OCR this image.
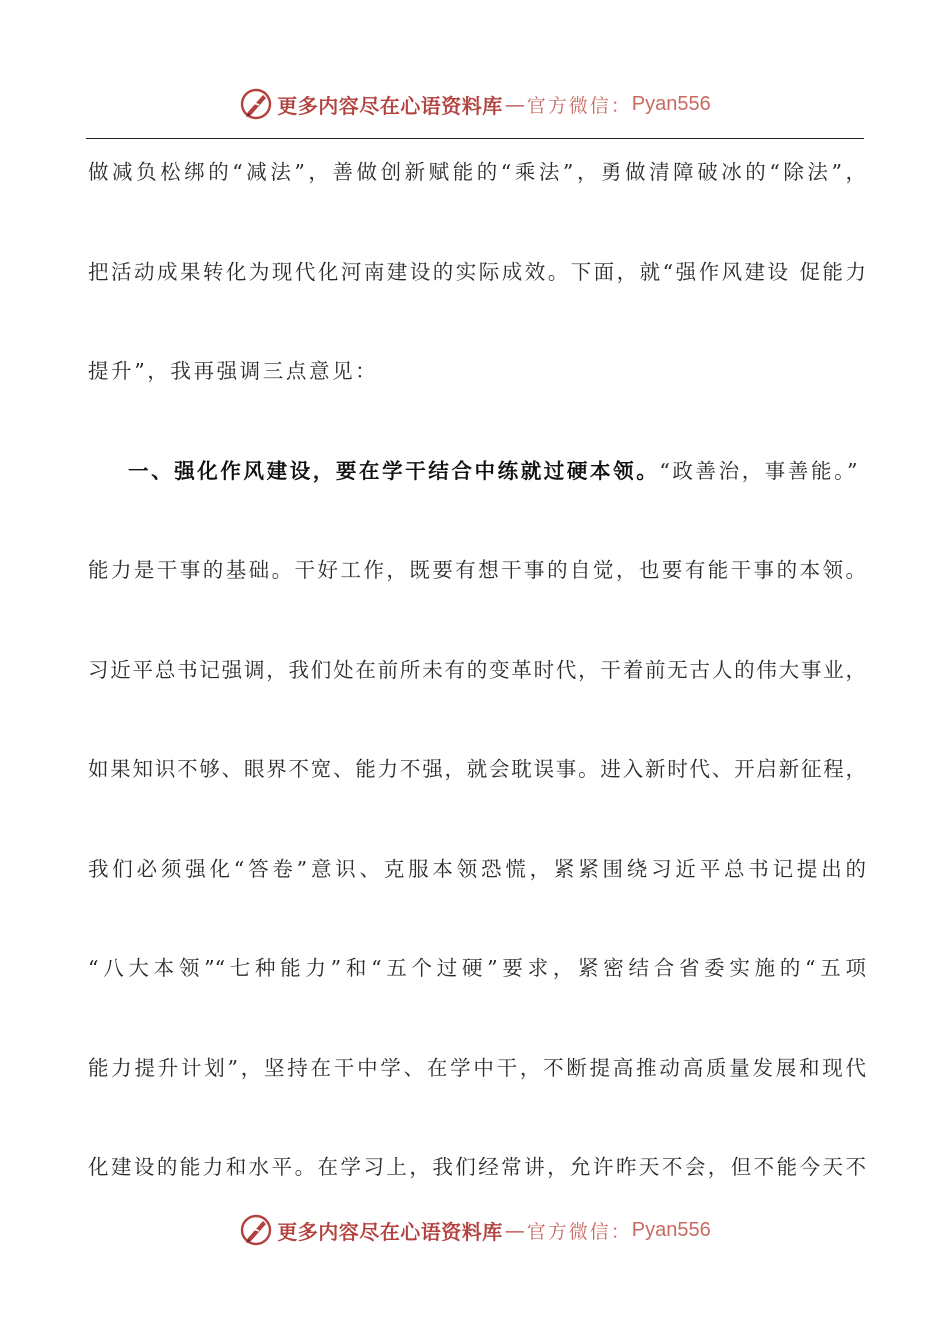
更多内容尽在心语资料库 — 官方微信： Pyan556
做减负松绑的“减法”，善做创新赋能的“乘法”，勇做清障破冰的“除法”，
把活动成果转化为现代化河南建设的实际成效。下面，就“强作风建设 促能力
提升”，我再强调三点意见：
一、强化作风建设，要在学干结合中练就过硬本领。“政善治，事善能。”
能力是干事的基础。干好工作，既要有想干事的自觉，也要有能干事的本领。
习近平总书记强调，我们处在前所未有的变革时代，干着前无古人的伟大事业，
如果知识不够、眼界不宽、能力不强，就会耽误事。进入新时代、开启新征程，
我们必须强化“答卷”意识、克服本领恐慌，紧紧围绕习近平总书记提出的
“八大本领”“七种能力”和“五个过硬”要求，紧密结合省委实施的“五项
能力提升计划”，坚持在干中学、在学中干，不断提高推动高质量发展和现代
化建设的能力和水平。在学习上，我们经常讲，允许昨天不会，但不能今天不
更多内容尽在心语资料库 — 官方微信： Pyan556
